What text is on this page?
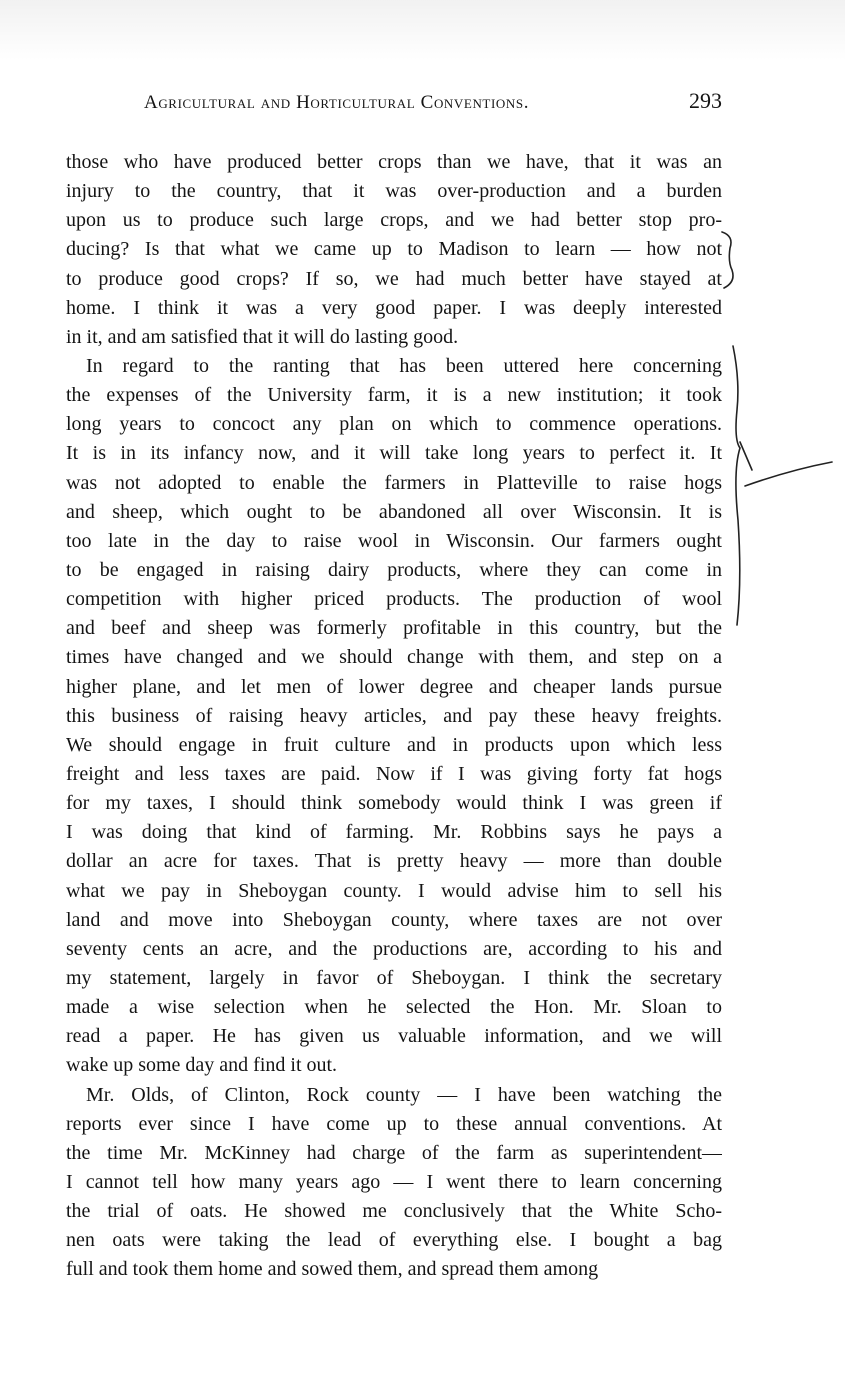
Agricultural and Horticultural Conventions.	293
those who have produced better crops than we have, that it was an
injury to the country, that it was over-production and a burden
upon us to produce such large crops, and we had better stop pro-
ducing? Is that what we came up to Madison to learn — how not
to produce good crops? If so, we had much better have stayed at
home. I think it was a very good paper. I was deeply interested
in it, and am satisfied that it will do lasting good.
In regard to the ranting that has been uttered here concerning
the expenses of the University farm, it is a new institution; it took
long years to concoct any plan on which to commence operations.
It is in its infancy now, and it will take long years to perfect it. It
was not adopted to enable the farmers in Platteville to raise hogs
and sheep, which ought to be abandoned all over Wisconsin. It is
too late in the day to raise wool in Wisconsin. Our farmers ought
to be engaged in raising dairy products, where they can come in
competition with higher priced products. The production of wool
and beef and sheep was formerly profitable in this country, but the
times have changed and we should change with them, and step on a
higher plane, and let men of lower degree and cheaper lands pursue
this business of raising heavy articles, and pay these heavy freights.
We should engage in fruit culture and in products upon which less
freight and less taxes are paid. Now if I was giving forty fat hogs
for my taxes, I should think somebody would think I was green if
I was doing that kind of farming. Mr. Robbins says he pays a
dollar an acre for taxes. That is pretty heavy — more than double
what we pay in Sheboygan county. I would advise him to sell his
land and move into Sheboygan county, where taxes are not over
seventy cents an acre, and the productions are, according to his and
my statement, largely in favor of Sheboygan. I think the secretary
made a wise selection when he selected the Hon. Mr. Sloan to
read a paper. He has given us valuable information, and we will
wake up some day and find it out.
Mr. Olds, of Clinton, Rock county — I have been watching the
reports ever since I have come up to these annual conventions. At
the time Mr. McKinney had charge of the farm as superintendent—
I cannot tell how many years ago — I went there to learn concerning
the trial of oats. He showed me conclusively that the White Scho-
nen oats were taking the lead of everything else. I bought a bag
full and took them home and sowed them, and spread them among
